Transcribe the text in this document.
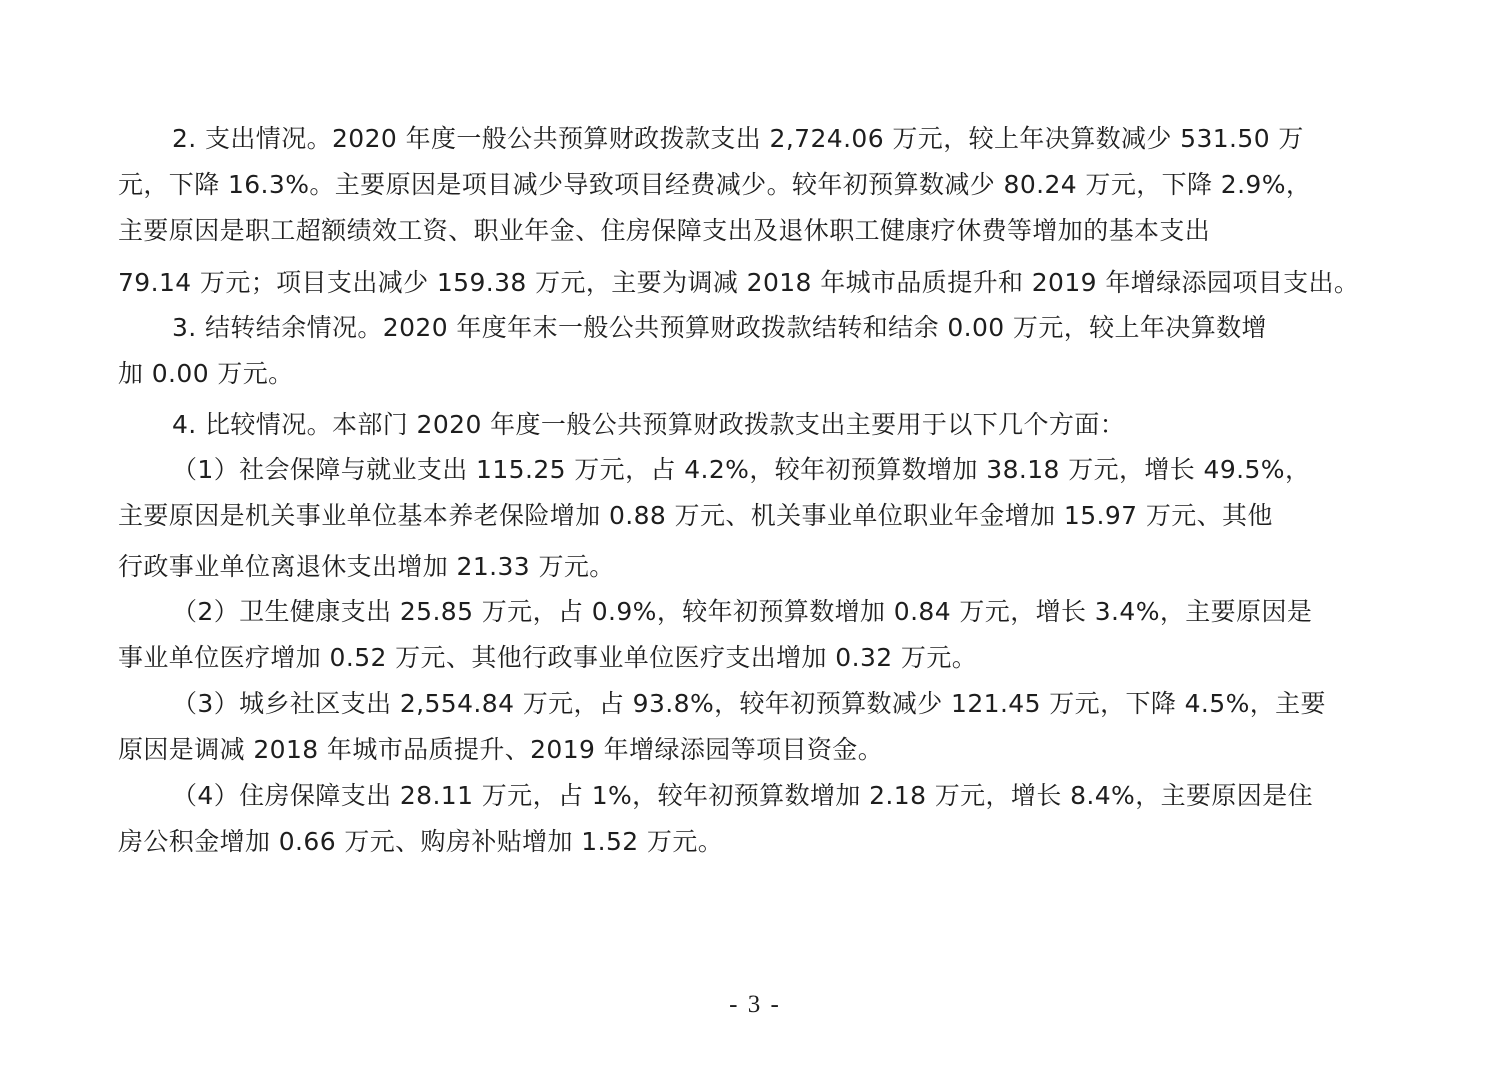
2. 支出情况。2020 年度一般公共预算财政拨款支出 2,724.06 万元，较上年决算数减少 531.50 万
元，下降 16.3%。主要原因是项目减少导致项目经费减少。较年初预算数减少 80.24 万元，下降 2.9%，
主要原因是职工超额绩效工资、职业年金、住房保障支出及退休职工健康疗休费等增加的基本支出
79.14 万元；项目支出减少 159.38 万元，主要为调减 2018 年城市品质提升和 2019 年增绿添园项目支出。
3. 结转结余情况。2020 年度年末一般公共预算财政拨款结转和结余 0.00 万元，较上年决算数增
加 0.00 万元。
4. 比较情况。本部门 2020 年度一般公共预算财政拨款支出主要用于以下几个方面：
（1）社会保障与就业支出 115.25 万元，占 4.2%，较年初预算数增加 38.18 万元，增长 49.5%，
主要原因是机关事业单位基本养老保险增加 0.88 万元、机关事业单位职业年金增加 15.97 万元、其他
行政事业单位离退休支出增加 21.33 万元。
（2）卫生健康支出 25.85 万元，占 0.9%，较年初预算数增加 0.84 万元，增长 3.4%，主要原因是
事业单位医疗增加 0.52 万元、其他行政事业单位医疗支出增加 0.32 万元。
（3）城乡社区支出 2,554.84 万元，占 93.8%，较年初预算数减少 121.45 万元，下降 4.5%，主要
原因是调减 2018 年城市品质提升、2019 年增绿添园等项目资金。
（4）住房保障支出 28.11 万元，占 1%，较年初预算数增加 2.18 万元，增长 8.4%，主要原因是住
房公积金增加 0.66 万元、购房补贴增加 1.52 万元。
- 3 -
